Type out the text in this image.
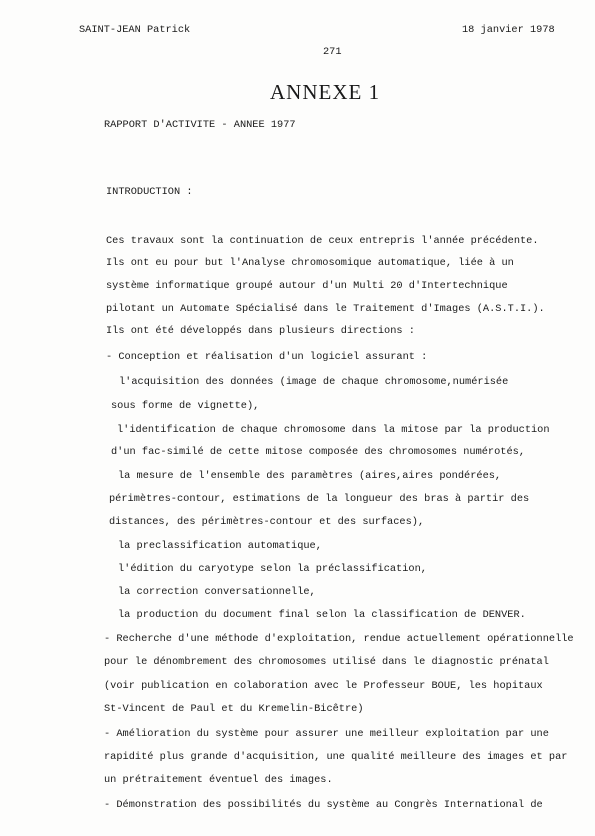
SAINT-JEAN Patrick	18 janvier 1978
271
ANNEXE 1
RAPPORT D'ACTIVITE - ANNEE 1977
INTRODUCTION :
Ces travaux sont la continuation de ceux entrepris l'année précédente.
Ils ont eu pour but l'Analyse chromosomique automatique, liée à un
système informatique groupé autour d'un Multi 20 d'Intertechnique
pilotant un Automate Spécialisé dans le Traitement d'Images (A.S.T.I.).
Ils ont été développés dans plusieurs directions :
- Conception et réalisation d'un logiciel assurant :
l'acquisition des données (image de chaque chromosome,numérisée
sous forme de vignette),
l'identification de chaque chromosome dans la mitose par la production
d'un fac-similé de cette mitose composée des chromosomes numérotés,
la mesure de l'ensemble des paramètres (aires,aires pondérées,
périmètres-contour, estimations de la longueur des bras à partir des
distances, des périmètres-contour et des surfaces),
la preclassification automatique,
l'édition du caryotype selon la préclassification,
la correction conversationnelle,
la production du document final selon la classification de DENVER.
- Recherche d'une méthode d'exploitation, rendue actuellement opérationnelle
pour le dénombrement des chromosomes utilisé dans le diagnostic prénatal
(voir publication en colaboration avec le Professeur BOUE, les hopitaux
St-Vincent de Paul et du Kremelin-Bicêtre)
- Amélioration du système pour assurer une meilleur exploitation par une
rapidité plus grande d'acquisition, une qualité meilleure des images et par
un prétraitement éventuel des images.
- Démonstration des possibilités du système au Congrès International de
